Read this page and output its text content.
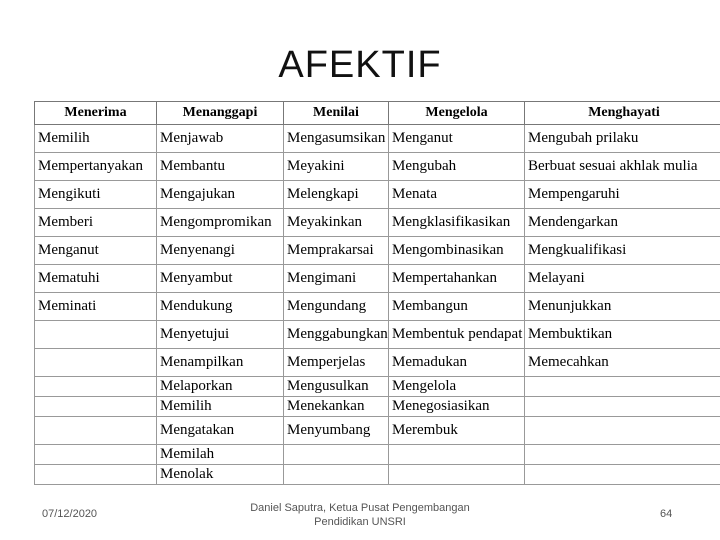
AFEKTIF
Menerima	Menanggapi	Menilai	Mengelola	Menghayati
Memilih	Menjawab	Mengasumsikan	Menganut	Mengubah prilaku
Mempertanyakan	Membantu	Meyakini	Mengubah	Berbuat sesuai akhlak mulia
Mengikuti	Mengajukan	Melengkapi	Menata	Mempengaruhi
Memberi	Mengompromikan	Meyakinkan	Mengklasifikasikan	Mendengarkan
Menganut	Menyenangi	Memprakarsai	Mengombinasikan	Mengkualifikasi
Mematuhi	Menyambut	Mengimani	Mempertahankan	Melayani
Meminati	Mendukung	Mengundang	Membangun	Menunjukkan
	Menyetujui	Menggabungkan	Membentuk pendapat	Membuktikan
	Menampilkan	Memperjelas	Memadukan	Memecahkan
	Melaporkan	Mengusulkan	Mengelola	
	Memilih	Menekankan	Menegosiasikan	
	Mengatakan	Menyumbang	Merembuk	
	Memilah			
	Menolak			
07/12/2020	Daniel Saputra, Ketua Pusat Pengembangan Pendidikan UNSRI
64
